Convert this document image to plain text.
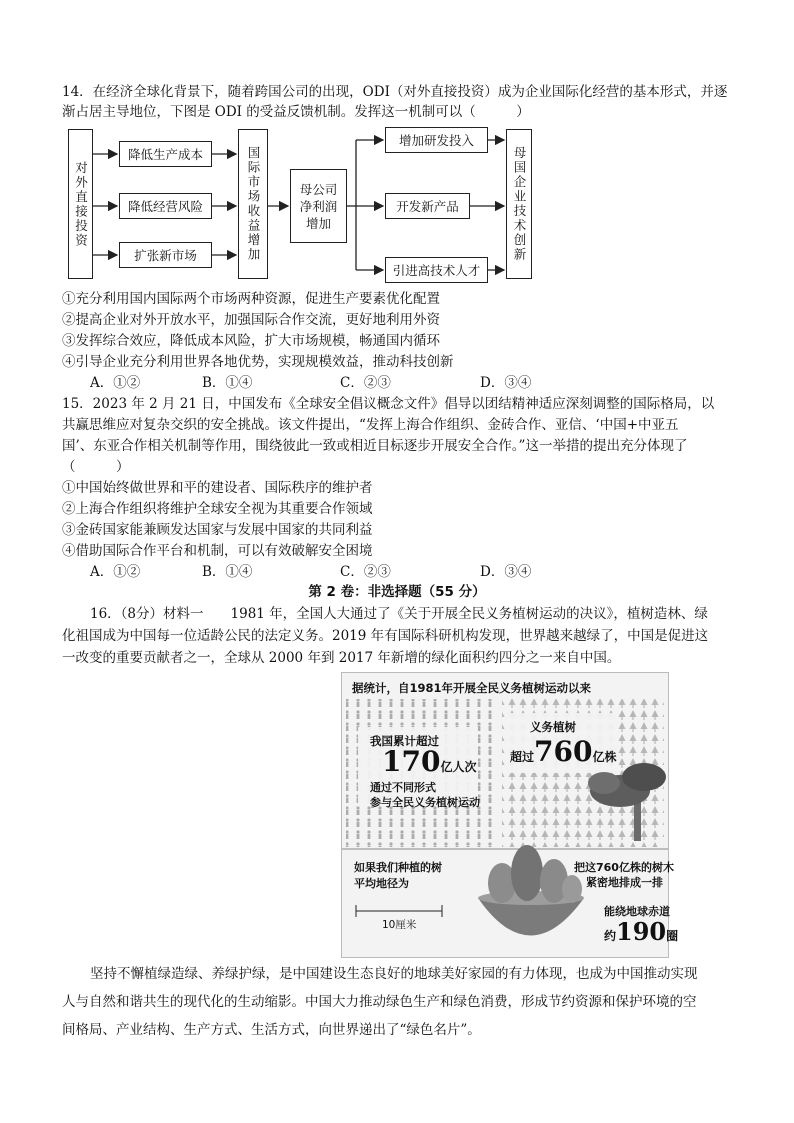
14．在经济全球化背景下，随着跨国公司的出现，ODI（对外直接投资）成为企业国际化经营的基本形式，并逐
渐占居主导地位，下图是 ODI 的受益反馈机制。发挥这一机制可以（　　　）
对外直接投资
降低生产成本
降低经营风险
扩张新市场	国际市场收益增加	母公司
净利润
增加
增加研发投入
开发新产品
引进高技术人才
母国企业技术创新
①充分利用国内国际两个市场两种资源，促进生产要素优化配置
②提高企业对外开放水平，加强国际合作交流，更好地利用外资
③发挥综合效应，降低成本风险，扩大市场规模，畅通国内循环
④引导企业充分利用世界各地优势，实现规模效益，推动科技创新
A．①②	B．①④	C．②③	D．③④
15．2023 年 2 月 21 日，中国发布《全球安全倡议概念文件》倡导以团结精神适应深刻调整的国际格局，以
共赢思维应对复杂交织的安全挑战。该文件提出，“发挥上海合作组织、金砖合作、亚信、‘中国+中亚五
国’、东亚合作相关机制等作用，围绕彼此一致或相近目标逐步开展安全合作。”这一举措的提出充分体现了
（　　　）
①中国始终做世界和平的建设者、国际秩序的维护者
②上海合作组织将维护全球安全视为其重要合作领域
③金砖国家能兼顾发达国家与发展中国家的共同利益
④借助国际合作平台和机制，可以有效破解安全困境
A．①②	B．①④	C．②③	D．③④
第 2 卷：非选择题（55 分）
16．（8分）材料一　　1981 年，全国人大通过了《关于开展全民义务植树运动的决议》，植树造林、绿
化祖国成为中国每一位适龄公民的法定义务。2019 年有国际科研机构发现，世界越来越绿了，中国是促进这
一改变的重要贡献者之一，全球从 2000 年到 2017 年新增的绿化面积约四分之一来自中国。
据统计，自1981年开展全民义务植树运动以来
我国累计超过
170亿人次
通过不同形式
参与全民义务植树运动
义务植树
超过760亿株
如果我们种植的树
平均地径为
10厘米
把这760亿株的树木
紧密地排成一排
能绕地球赤道
约190圈
坚持不懈植绿造绿、养绿护绿，是中国建设生态良好的地球美好家园的有力体现，也成为中国推动实现
人与自然和谐共生的现代化的生动缩影。中国大力推动绿色生产和绿色消费，形成节约资源和保护环境的空
间格局、产业结构、生产方式、生活方式，向世界递出了“绿色名片”。
